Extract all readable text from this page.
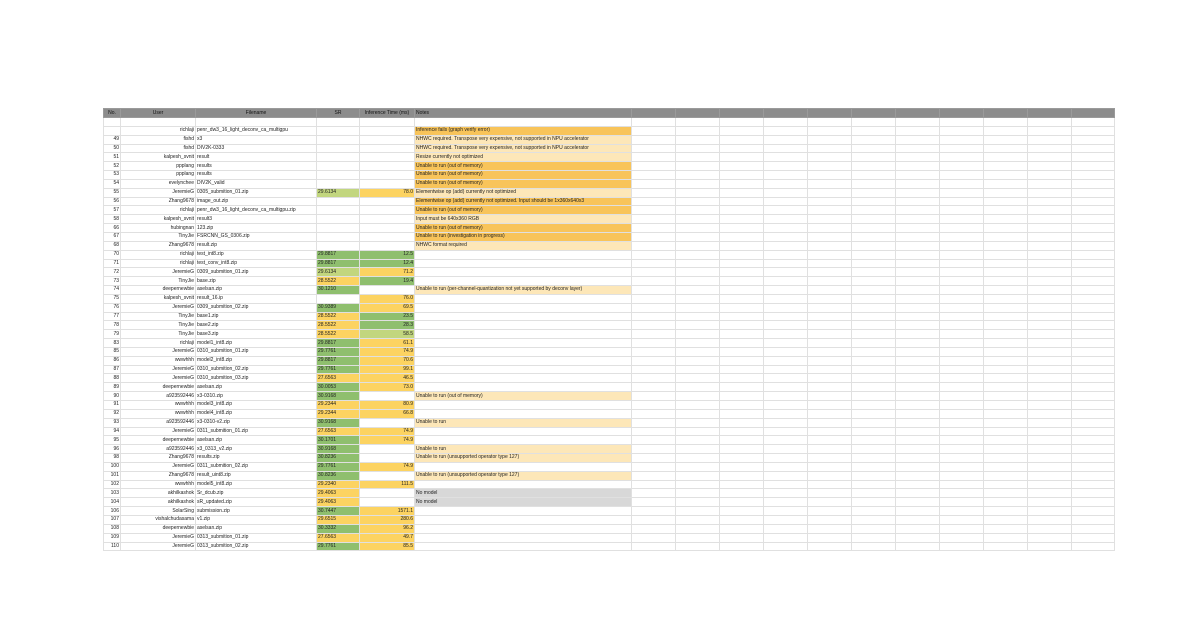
No.	User	Filename	SR	Inference Time (ms)	Notes											

	richlaji	penr_dw3_16_light_deconv_ca_multigpu			Inference fails (graph verify error)											
49	fishd	x3			NHWC required. Transpose very expensive, not supported in NPU accelerator											
50	fishd	DIV2K-0333			NHWC required. Transpose very expensive, not supported in NPU accelerator											
51	kalpesh_svnit	result			Resize currently not optimized											
52	ppplang	results			Unable to run (out of memory)											
53	ppplang	results			Unable to run (out of memory)											
54	evelynchee	DIV2K_valid			Unable to run (out of memory)											
55	JeremieG	0305_submition_01.zip	29.6134	78.0	Elementwise op (add) currently not optimized											
56	Zhang9678	image_out.zip			Elementwise op (add) currently not optimized. Input should be 1x360x640x3											
57	richlaji	penr_dw3_16_light_deconv_ca_multigpu.zip			Unable to run (out of memory)											
58	kalpesh_svnit	result3			Input must be 640x360 RGB											
66	hubingnan	123.zip			Unable to run (out of memory)											
67	TinyJie	FSRCNN_GS_0306.zip			Unable to run (investigation in progress)											
68	Zhang9678	result.zip			NHWC format required											
70	richlaji	test_int8.zip	29.8817	12.5												
71	richlaji	test_conv_int8.zip	29.8817	12.4												
72	JeremieG	0309_submition_01.zip	29.6134	71.2												
73	TinyJie	base.zip	28.5522	19.4												
74	deepernewbie	aselsan.zip	30.1210		Unable to run (per-channel-quantization not yet supported by deconv layer)											
75	kalpesh_svnit	result_16.ip		76.0												
76	JeremieG	0309_submition_02.zip	30.9389	69.5												
77	TinyJie	base1.zip	28.5522	23.5												
78	TinyJie	base2.zip	28.5522	28.3												
79	TinyJie	base3.zip	28.5522	58.5												
83	richlaji	model1_int8.zip	29.8817	61.1												
85	JeremieG	0310_submition_01.zip	29.7761	74.9												
86	wwwhhh	model2_int8.zip	29.8817	70.6												
87	JeremieG	0310_submition_02.zip	29.7761	99.1												
88	JeremieG	0310_submition_03.zip	27.6563	46.5												
89	deepernewbie	aselsan.zip	30.0053	73.0												
90	a923592446	x3-0310.zip	30.9168		Unable to run (out of memory)											
91	wwwhhh	model3_int8.zip	29.2344	80.9												
92	wwwhhh	model4_int8.zip	29.2344	66.8												
93	a923592446	x3-0310-v2.zip	30.9168		Unable to run											
94	JeremieG	0311_submition_01.zip	27.6563	74.9												
95	deepernewbie	aselsan.zip	30.1701	74.9												
96	a923592446	x3_0313_v2.zip	30.9168		Unable to run											
98	Zhang9678	results.zip	30.8236		Unable to run (unsupported operator type 127)											
100	JeremieG	0311_submition_02.zip	29.7761	74.9												
101	Zhang9678	result_uint8.zip	30.8236		Unable to run (unsupported operator type 127)											
102	wwwhhh	model5_int8.zip	29.2340	111.5												
103	akhilkashok	Sr_dcub.zip	29.4063		No model											
104	akhilkashok	sR_updated.zip	29.4063		No model											
106	SolarSing	submission.zip	30.7447	1571.1												
107	vishalchudasama	v1.zip	29.6515	280.6												
108	deepernewbie	aselsan.zip	30.3332	96.2												
109	JeremieG	0313_submition_01.zip	27.6563	49.7												
110	JeremieG	0313_submition_02.zip	29.7761	85.5												
